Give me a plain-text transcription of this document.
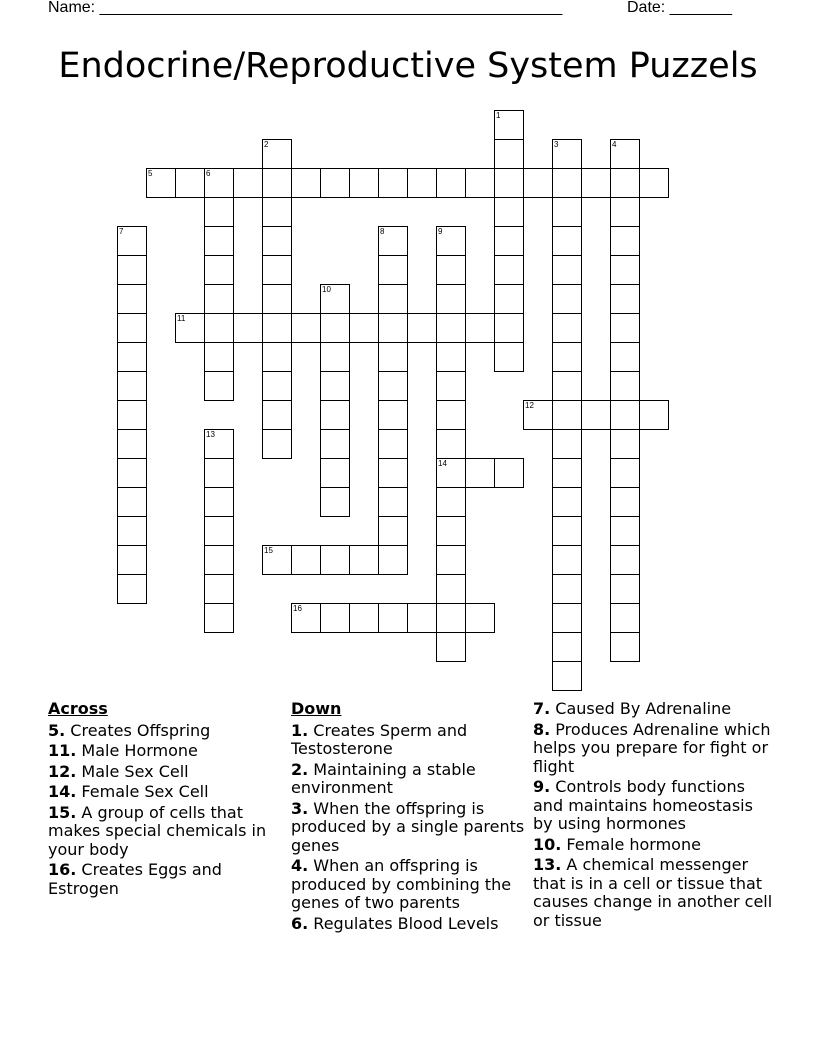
Name: ____________________________________________________	Date: _______
Endocrine/Reproductive System Puzzels
5	6
11
12
14
15
16
1
2	3	4
7	8	9
10
13
Across
5. Creates Offspring
11. Male Hormone
12. Male Sex Cell
14. Female Sex Cell
15. A group of cells that makes special chemicals in your body
16. Creates Eggs and Estrogen
Down
1. Creates Sperm and Testosterone
2. Maintaining a stable environment
3. When the offspring is produced by a single parents genes
4. When an offspring is produced by combining the genes of two parents
6. Regulates Blood Levels
7. Caused By Adrenaline
8. Produces Adrenaline which helps you prepare for fight or flight
9. Controls body functions and maintains homeostasis by using hormones
10. Female hormone
13. A chemical messenger that is in a cell or tissue that causes change in another cell or tissue
